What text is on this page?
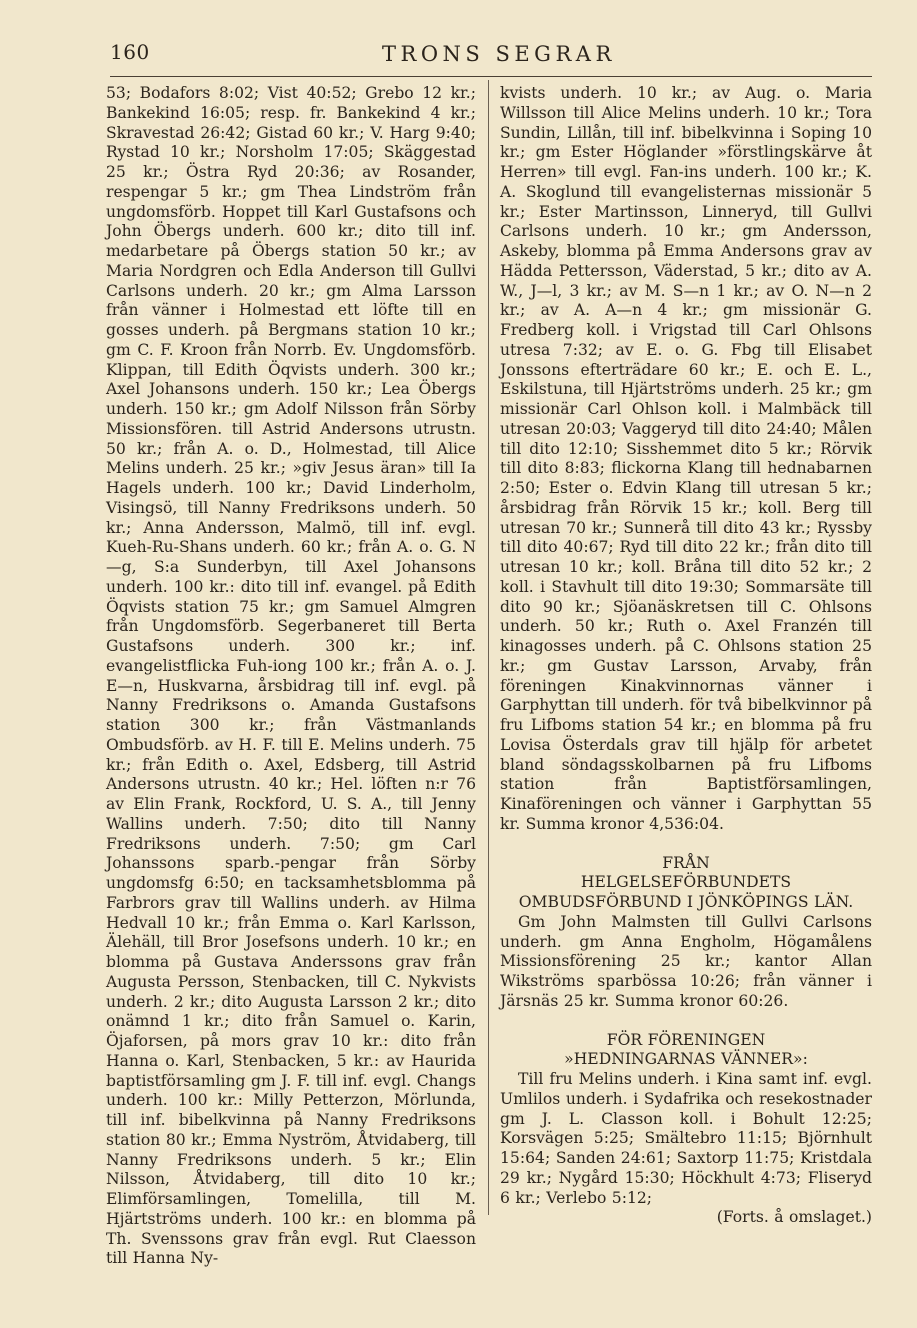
160	TRONS SEGRAR

53; Bodafors 8:02; Vist 40:52; Grebo 12 kr.; Bankekind 16:05; resp. fr. Bankekind 4 kr.; Skravestad 26:42; Gistad 60 kr.; V. Harg 9:40; Rystad 10 kr.; Norsholm 17:05; Skäggestad 25 kr.; Östra Ryd 20:36; av Rosander, respengar 5 kr.; gm Thea Lindström från ungdomsförb. Hoppet till Karl Gustafsons och John Öbergs underh. 600 kr.; dito till inf. medarbetare på Öbergs station 50 kr.; av Maria Nordgren och Edla Anderson till Gullvi Carlsons underh. 20 kr.; gm Alma Larsson från vänner i Holmestad ett löfte till en gosses underh. på Bergmans station 10 kr.; gm C. F. Kroon från Norrb. Ev. Ungdomsförb. Klippan, till Edith Öqvists underh. 300 kr.; Axel Johansons underh. 150 kr.; Lea Öbergs underh. 150 kr.; gm Adolf Nilsson från Sörby Missionsfören. till Astrid Andersons utrustn. 50 kr.; från A. o. D., Holmestad, till Alice Melins underh. 25 kr.; »giv Jesus äran» till Ia Hagels underh. 100 kr.; David Linderholm, Visingsö, till Nanny Fredriksons underh. 50 kr.; Anna Andersson, Malmö, till inf. evgl. Kueh-Ru-Shans underh. 60 kr.; från A. o. G. N—g, S:a Sunderbyn, till Axel Johansons underh. 100 kr.: dito till inf. evangel. på Edith Öqvists station 75 kr.; gm Samuel Almgren från Ungdomsförb. Segerbaneret till Berta Gustafsons underh. 300 kr.; inf. evangelistflicka Fuh-iong 100 kr.; från A. o. J. E—n, Huskvarna, årsbidrag till inf. evgl. på Nanny Fredriksons o. Amanda Gustafsons station 300 kr.; från Västmanlands Ombudsförb. av H. F. till E. Melins underh. 75 kr.; från Edith o. Axel, Edsberg, till Astrid Andersons utrustn. 40 kr.; Hel. löften n:r 76 av Elin Frank, Rockford, U. S. A., till Jenny Wallins underh. 7:50; dito till Nanny Fredriksons underh. 7:50; gm Carl Johanssons sparb.-pengar från Sörby ungdomsfg 6:50; en tacksamhetsblomma på Farbrors grav till Wallins underh. av Hilma Hedvall 10 kr.; från Emma o. Karl Karlsson, Älehäll, till Bror Josefsons underh. 10 kr.; en blomma på Gustava Anderssons grav från Augusta Persson, Stenbacken, till C. Nykvists underh. 2 kr.; dito Augusta Larsson 2 kr.; dito onämnd 1 kr.; dito från Samuel o. Karin, Öjaforsen, på mors grav 10 kr.: dito från Hanna o. Karl, Stenbacken, 5 kr.: av Haurida baptistförsamling gm J. F. till inf. evgl. Changs underh. 100 kr.: Milly Petterzon, Mörlunda, till inf. bibelkvinna på Nanny Fredriksons station 80 kr.; Emma Nyström, Åtvidaberg, till Nanny Fredriksons underh. 5 kr.; Elin Nilsson, Åtvidaberg, till dito 10 kr.; Elimförsamlingen, Tomelilla, till M. Hjärtströms underh. 100 kr.: en blomma på Th. Svenssons grav från evgl. Rut Claesson till Hanna Ny-

kvists underh. 10 kr.; av Aug. o. Maria Willsson till Alice Melins underh. 10 kr.; Tora Sundin, Lillån, till inf. bibelkvinna i Soping 10 kr.; gm Ester Höglander »förstlingskärve åt Herren» till evgl. Fan-ins underh. 100 kr.; K. A. Skoglund till evangelisternas missionär 5 kr.; Ester Martinsson, Linneryd, till Gullvi Carlsons underh. 10 kr.; gm Andersson, Askeby, blomma på Emma Andersons grav av Hädda Pettersson, Väderstad, 5 kr.; dito av A. W., J—l, 3 kr.; av M. S—n 1 kr.; av O. N—n 2 kr.; av A. A—n 4 kr.; gm missionär G. Fredberg koll. i Vrigstad till Carl Ohlsons utresa 7:32; av E. o. G. Fbg till Elisabet Jonssons efterträdare 60 kr.; E. och E. L., Eskilstuna, till Hjärtströms underh. 25 kr.; gm missionär Carl Ohlson koll. i Malmbäck till utresan 20:03; Vaggeryd till dito 24:40; Målen till dito 12:10; Sisshemmet dito 5 kr.; Rörvik till dito 8:83; flickorna Klang till hednabarnen 2:50; Ester o. Edvin Klang till utresan 5 kr.; årsbidrag från Rörvik 15 kr.; koll. Berg till utresan 70 kr.; Sunnerå till dito 43 kr.; Ryssby till dito 40:67; Ryd till dito 22 kr.; från dito till utresan 10 kr.; koll. Bråna till dito 52 kr.; 2 koll. i Stavhult till dito 19:30; Sommarsäte till dito 90 kr.; Sjöanäskretsen till C. Ohlsons underh. 50 kr.; Ruth o. Axel Franzén till kinagosses underh. på C. Ohlsons station 25 kr.; gm Gustav Larsson, Arvaby, från föreningen Kinakvinnornas vänner i Garphyttan till underh. för två bibelkvinnor på fru Lifboms station 54 kr.; en blomma på fru Lovisa Österdals grav till hjälp för arbetet bland söndagsskolbarnen på fru Lifboms station från Baptistförsamlingen, Kinaföreningen och vänner i Garphyttan 55 kr. Summa kronor 4,536:04.

FRÅN

HELGELSEFÖRBUNDETS OMBUDSFÖRBUND I JÖNKÖPINGS LÄN.

Gm John Malmsten till Gullvi Carlsons underh. gm Anna Engholm, Högamålens Missionsförening 25 kr.; kantor Allan Wikströms sparbössa 10:26; från vänner i Järsnäs 25 kr. Summa kronor 60:26.

FÖR FÖRENINGEN

»HEDNINGARNAS VÄNNER»:

Till fru Melins underh. i Kina samt inf. evgl. Umlilos underh. i Sydafrika och resekostnader gm J. L. Classon koll. i Bohult 12:25; Korsvägen 5:25; Smältebro 11:15; Björnhult 15:64; Sanden 24:61; Saxtorp 11:75; Kristdala 29 kr.; Nygård 15:30; Höckhult 4:73; Fliseryd 6 kr.; Verlebo 5:12;

(Forts. å omslaget.)
